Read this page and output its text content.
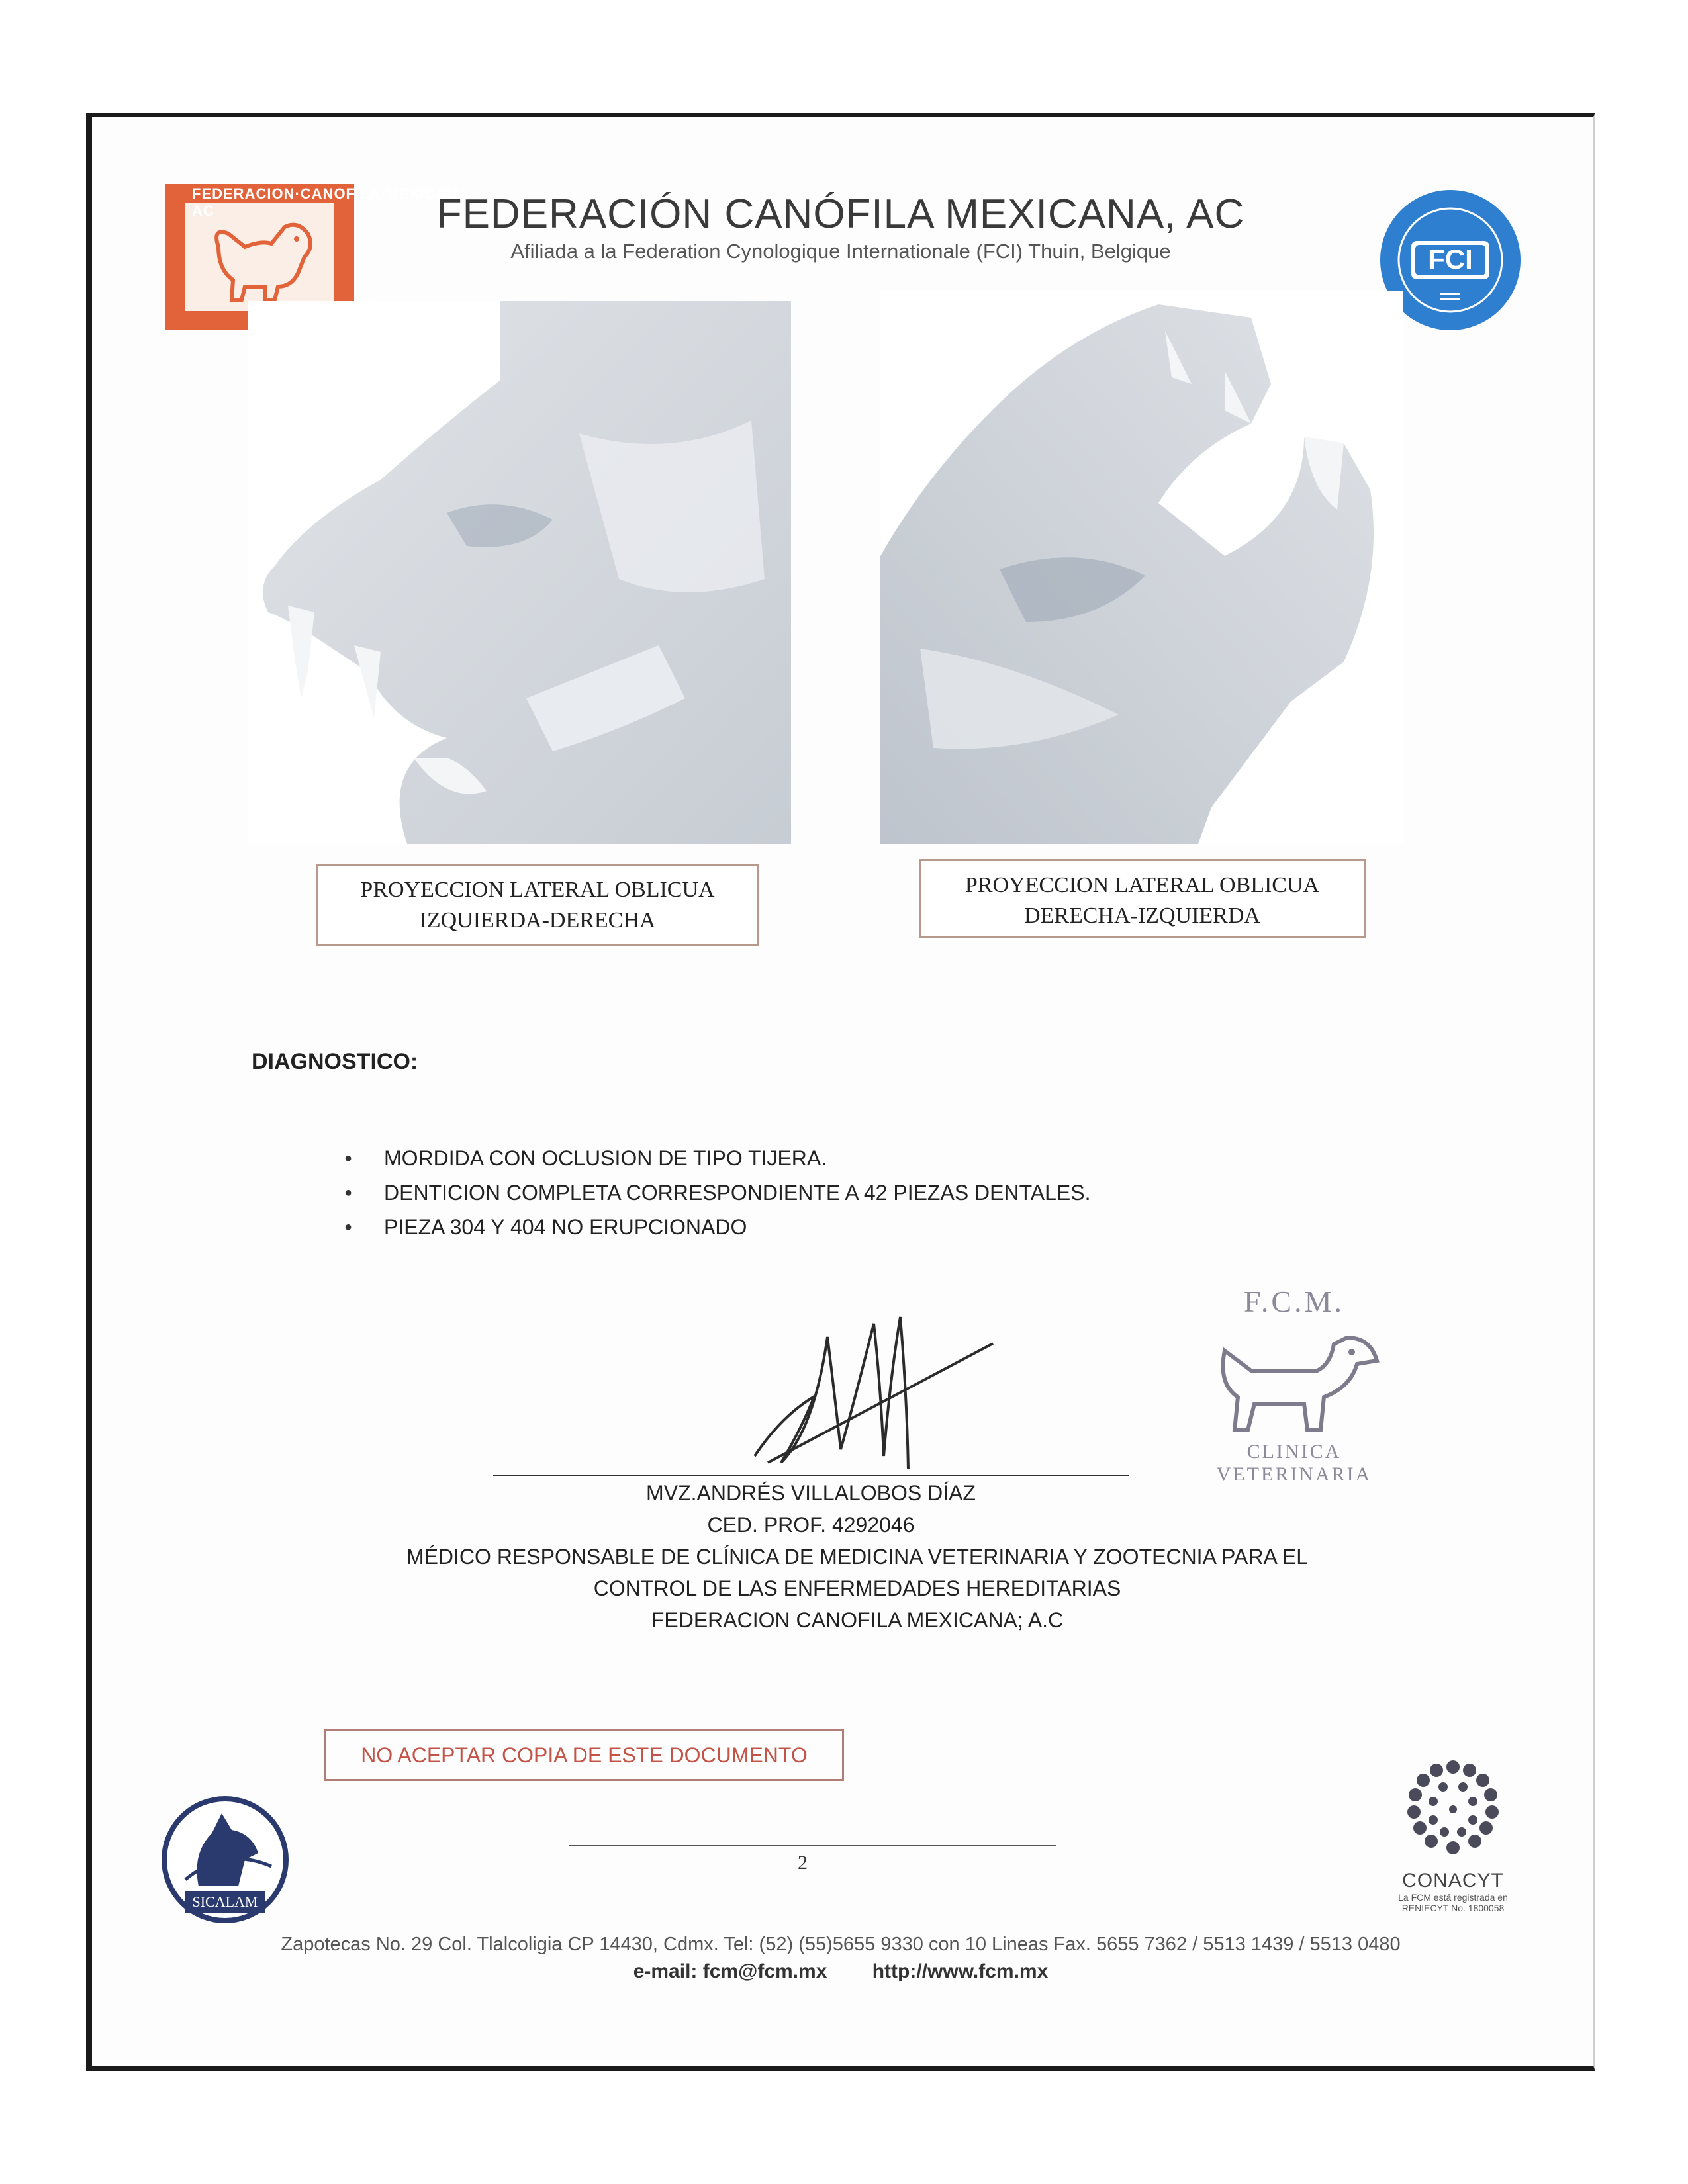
FEDERACION·CANOFILA·MEXICANA AC	FEDERACIÓN CANÓFILA MEXICANA, AC
Afiliada a la Federation Cynologique Internationale (FCI) Thuin, Belgique	FCI
PROYECCION LATERAL OBLICUA
IZQUIERDA-DERECHA
PROYECCION LATERAL OBLICUA
DERECHA-IZQUIERDA
DIAGNOSTICO:
● MORDIDA CON OCLUSION DE TIPO TIJERA.
● DENTICION COMPLETA CORRESPONDIENTE A 42 PIEZAS DENTALES.
● PIEZA 304 Y 404 NO ERUPCIONADO
MVZ.ANDRÉS VILLALOBOS DÍAZ
CED. PROF. 4292046
MÉDICO RESPONSABLE DE CLÍNICA DE MEDICINA VETERINARIA Y ZOOTECNIA PARA EL
CONTROL DE LAS ENFERMEDADES HEREDITARIAS
FEDERACION CANOFILA MEXICANA; A.C
F.C.M.
CLINICA
VETERINARIA
NO ACEPTAR COPIA DE ESTE DOCUMENTO
SICALAM
2
CONACYT
La FCM está registrada en
RENIECYT No. 1800058
Zapotecas No. 29 Col. Tlalcoligia CP 14430, Cdmx. Tel: (52) (55)5655 9330 con 10 Lineas Fax. 5655 7362 / 5513 1439 / 5513 0480
e-mail: fcm@fcm.mx http://www.fcm.mx
